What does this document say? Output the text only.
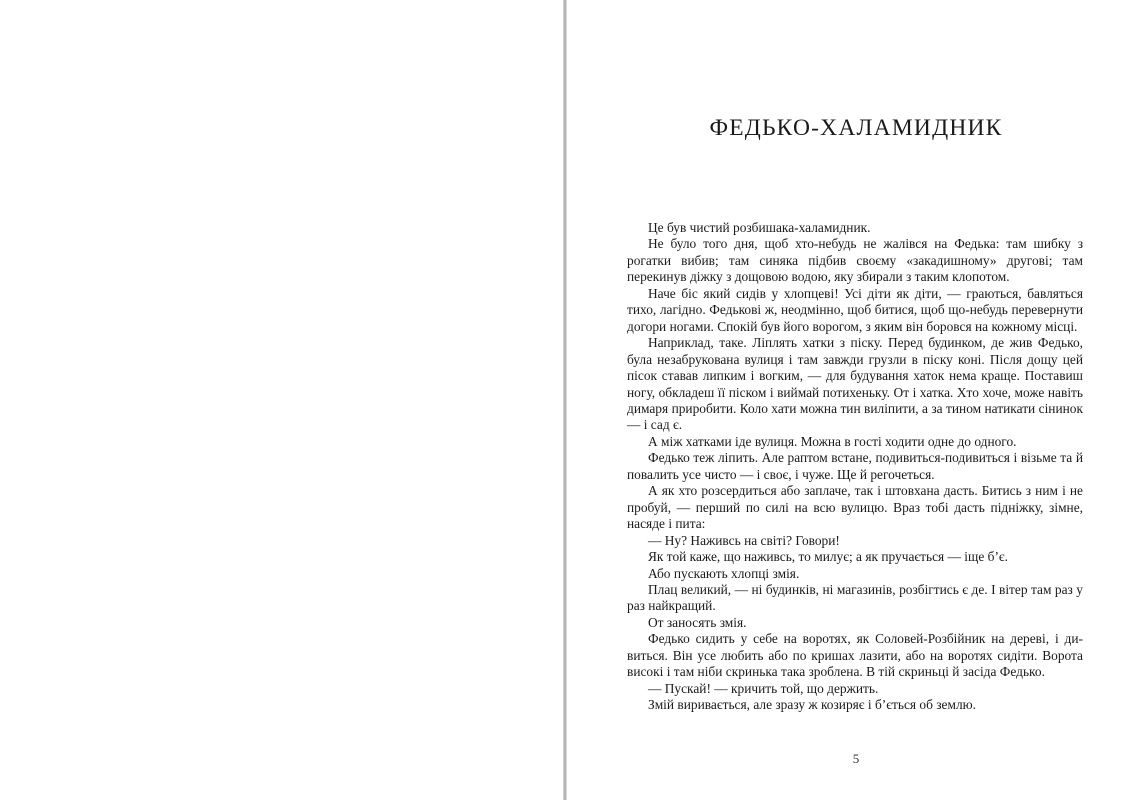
ФЕДЬКО-ХАЛАМИДНИК

Це був чистий розбишака-халамидник.

Не було того дня, щоб хто-небудь не жалівся на Федька: там шибку з рогатки вибив; там синяка підбив своєму «закадишному» другові; там перекинув діжку з дощовою водою, яку збирали з таким клопотом.

Наче біс який сидів у хлопцеві! Усі діти як діти, — граються, бавляться тихо, лагідно. Федькові ж, неодмінно, щоб битися, щоб що-небудь перевернути догори ногами. Спокій був його ворогом, з яким він боровся на кожному місці.

Наприклад, таке. Ліплять хатки з піску. Перед будинком, де жив Федько, була незабрукована вулиця і там завжди грузли в піску коні. Після дощу цей пісок ставав липким і вогким, — для будування хаток нема краще. Поставиш ногу, обкладеш її піском і виймай потихеньку. От і хатка. Хто хоче, може навіть димаря приробити. Коло хати можна тин виліпити, а за тином натикати сінинок — і сад є.

А між хатками іде вулиця. Можна в гості ходити одне до одного.

Федько теж ліпить. Але раптом встане, подивиться-подивиться і візьме та й повалить усе чисто — і своє, і чуже. Ще й регочеться.

А як хто розсердиться або заплаче, так і штовхана дасть. Битись з ним і не пробуй, — перший по силі на всю вулицю. Враз тобі дасть підніжку, зімне, насяде і пита:

— Ну? Наживсь на світі? Говори!

Як той каже, що наживсь, то милує; а як пручається — іще б’є.

Або пускають хлопці змія.

Плац великий, — ні будинків, ні магазинів, розбігтись є де. І вітер там раз у раз найкращий.

От заносять змія.

Федько сидить у себе на воротях, як Соловей-Розбійник на дереві, і дивиться. Він усе любить або по кришах лазити, або на воротях сидіти. Ворота високі і там ніби скринька така зроблена. В тій скриньці й засіда Федько.

— Пускай! — кричить той, що держить.

Змій виривається, але зразу ж козиряє і б’ється об землю.

5
